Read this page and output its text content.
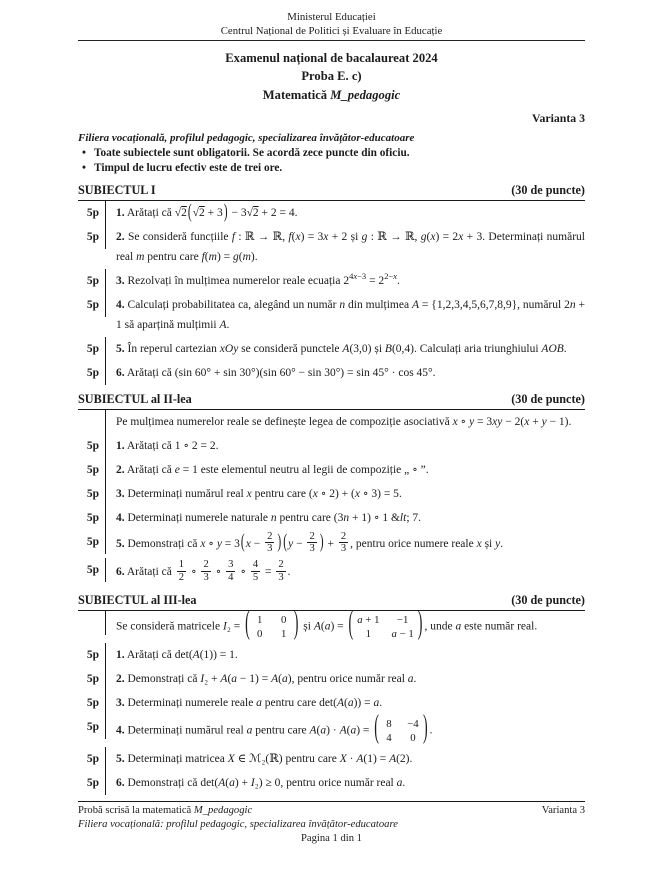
Ministerul Educației
Centrul Național de Politici și Evaluare în Educație
Examenul național de bacalaureat 2024
Proba E. c)
Matematică M_pedagogic
Varianta 3
Filiera vocațională, profilul pedagogic, specializarea învățător-educatoare
• Toate subiectele sunt obligatorii. Se acordă zece puncte din oficiu.
• Timpul de lucru efectiv este de trei ore.
SUBIECTUL I	(30 de puncte)
5p	1. Arătați că √2(√2 + 3) − 3√2 + 2 = 4.
5p	2. Se consideră funcțiile f : ℝ → ℝ, f(x) = 3x + 2 și g : ℝ → ℝ, g(x) = 2x + 3. Determinați numărul real m pentru care f(m) = g(m).
5p	3. Rezolvați în mulțimea numerelor reale ecuația $2^{4x-3} = 2^{2-x}$.
5p	4. Calculați probabilitatea ca, alegând un număr n din mulțimea A = {1,2,3,4,5,6,7,8,9}, numărul 2n + 1 să aparțină mulțimii A.
5p	5. În reperul cartezian xOy se consideră punctele A(3,0) și B(0,4). Calculați aria triunghiului AOB.
5p	6. Arătați că (sin 60° + sin 30°)(sin 60° − sin 30°) = sin 45° · cos 45°.
SUBIECTUL al II-lea	(30 de puncte)
Pe mulțimea numerelor reale se definește legea de compoziție asociativă x ∘ y = 3xy − 2(x + y − 1).
5p	1. Arătați că 1 ∘ 2 = 2.
5p	2. Arătați că e = 1 este elementul neutru al legii de compoziție „ ∘ ”.
5p	3. Determinați numărul real x pentru care (x ∘ 2) + (x ∘ 3) = 5.
5p	4. Determinați numerele naturale n pentru care (3n + 1) ∘ 1 &lt; 7.
5p	5. Demonstrați că x ∘ $y = 3(x - \frac{2}{3}$ ) ($y - \frac{2}{3}$ ) + $\frac{2}{3}$ , pentru orice numere reale x și y.
5p	6. Arătați că $\frac{1}{2}$ ∘ $\frac{2}{3}$ ∘ $\frac{3}{4}$ ∘ $\frac{4}{5} = \frac{2}{3}$ .
SUBIECTUL al III-lea	(30 de puncte)
Se consideră matricele I₂ = ( 1	0
0	1 ) și A(a) = ( a + 1	−1
1	a − 1 ) , unde a este număr real.
5p	1. Arătați că det(A(1)) = 1.
5p	2. Demonstrați că I₂ + A(a − 1) = A(a), pentru orice număr real a.
5p	3. Determinați numerele reale a pentru care det(A(a)) = a.
5p	4. Determinați numărul real a pentru care A(a) · A(a) = ( 8	−4
4	0 ) .
5p	5. Determinați matricea X ∈ ℳ₂(ℝ) pentru care X · A(1) = A(2).
5p	6. Demonstrați că det(A(a) + I₂) ≥ 0, pentru orice număr real a.
Probă scrisă la matematică M_pedagogic	Varianta 3
Filiera vocațională: profilul pedagogic, specializarea învățător-educatoare
Pagina 1 din 1
